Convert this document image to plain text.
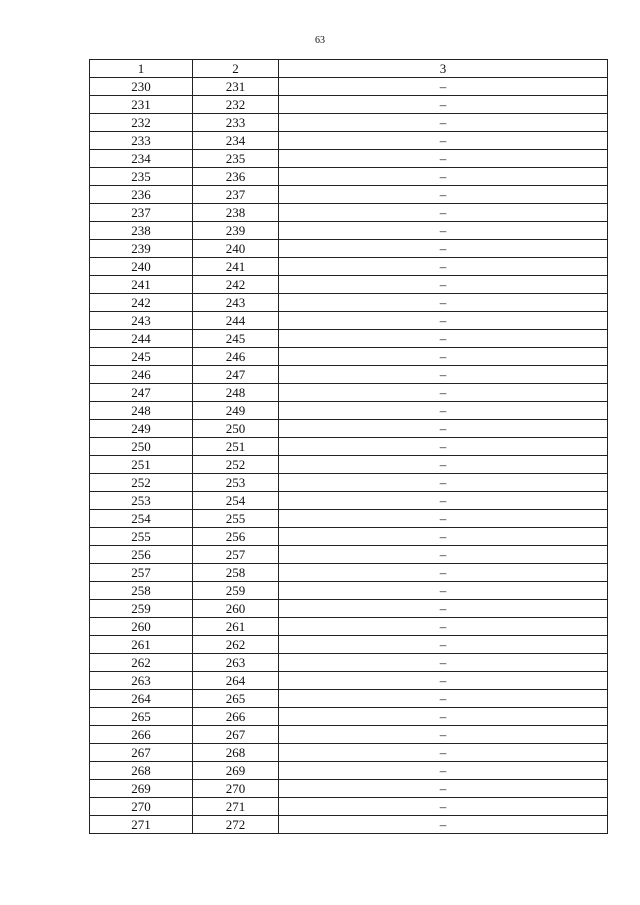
63
1	2	3
230	231	–
231	232	–
232	233	–
233	234	–
234	235	–
235	236	–
236	237	–
237	238	–
238	239	–
239	240	–
240	241	–
241	242	–
242	243	–
243	244	–
244	245	–
245	246	–
246	247	–
247	248	–
248	249	–
249	250	–
250	251	–
251	252	–
252	253	–
253	254	–
254	255	–
255	256	–
256	257	–
257	258	–
258	259	–
259	260	–
260	261	–
261	262	–
262	263	–
263	264	–
264	265	–
265	266	–
266	267	–
267	268	–
268	269	–
269	270	–
270	271	–
271	272	–
